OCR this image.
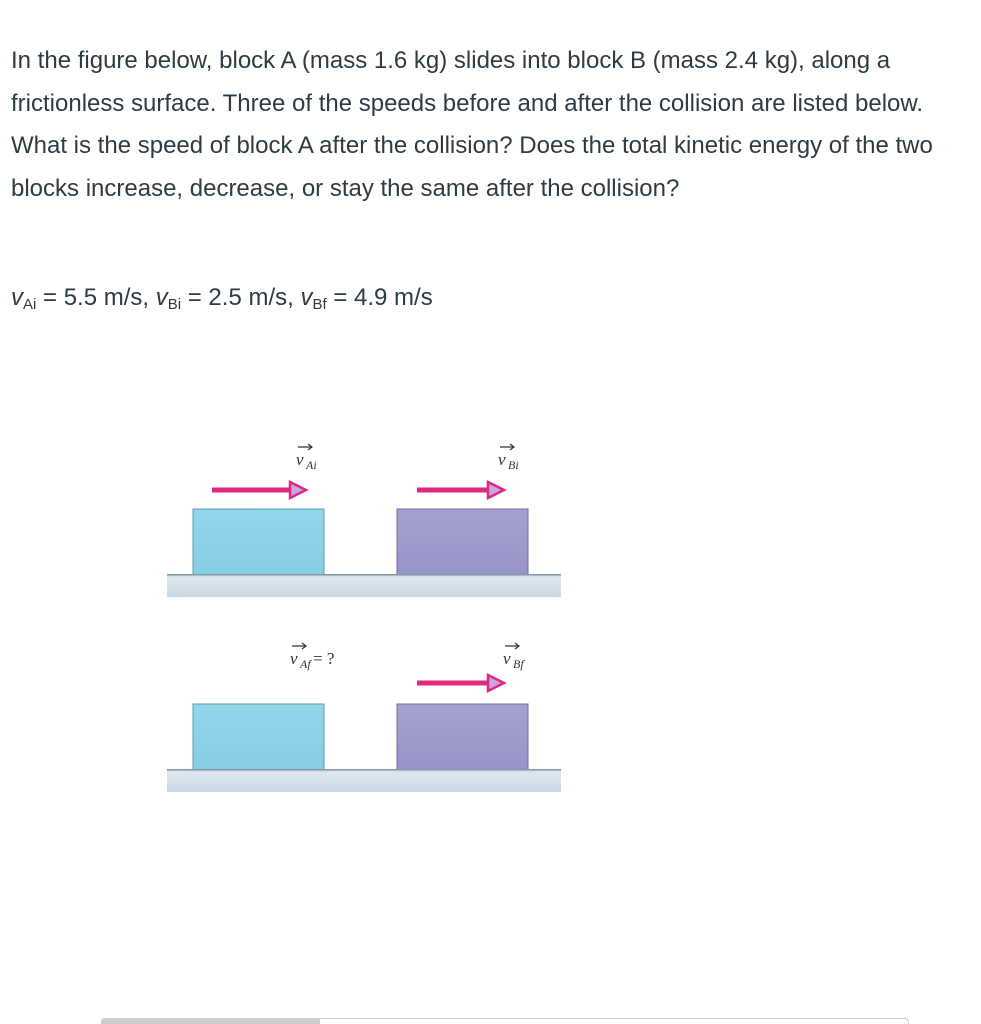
In the figure below, block A (mass 1.6 kg) slides into block B (mass 2.4 kg), along a frictionless surface. Three of the speeds before and after the collision are listed below. What is the speed of block A after the collision? Does the total kinetic energy of the two blocks increase, decrease, or stay the same after the collision?

$v_{Ai} = 5.5$ m/s, $v_{Bi} = 2.5$ m/s, $v_{Bf} = 4.9$ m/s
v Ai	v Bi
v Af = ?	v Bf
